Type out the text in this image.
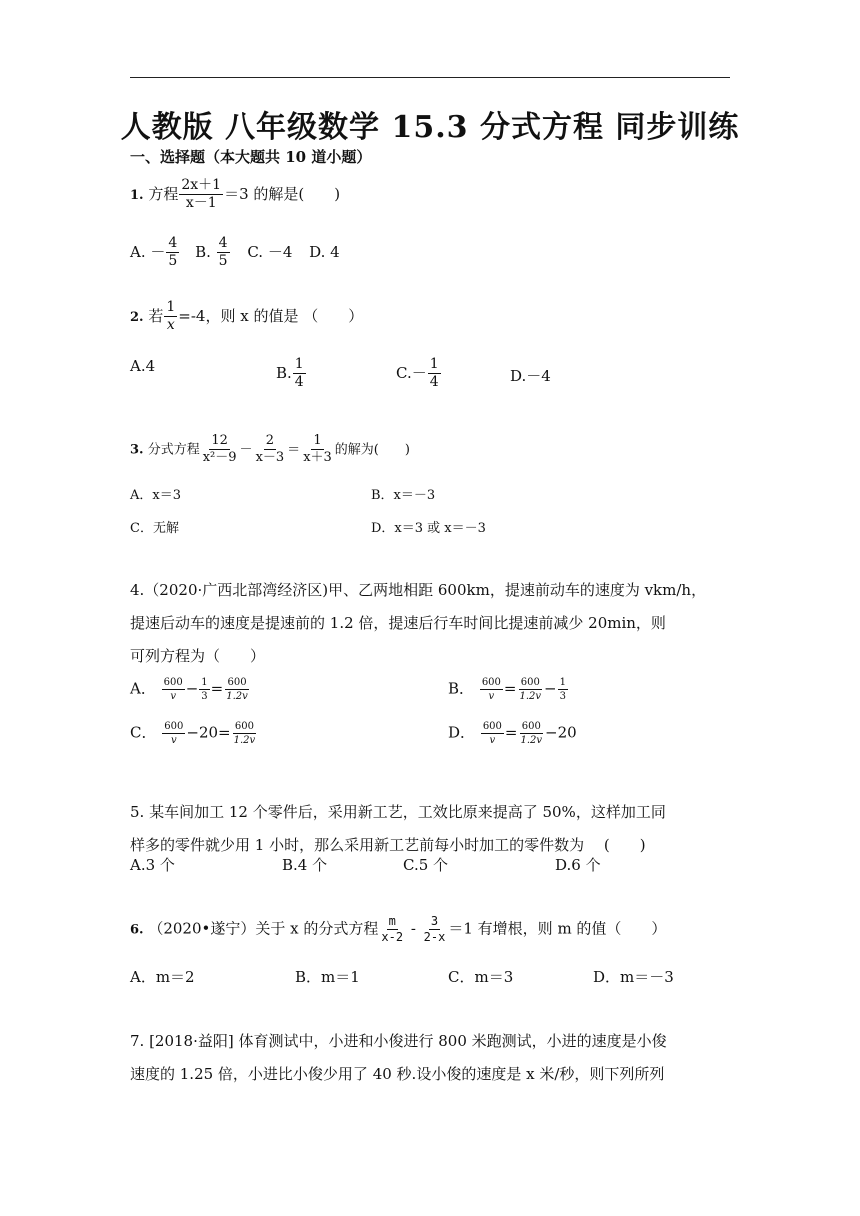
人教版 八年级数学 15.3 分式方程 同步训练
一、选择题（本大题共 10 道小题）
1. 方程 $\frac{2x+1}{x-1} =3$ 的解是(　　)
A. － $\frac{4}{5} B$. $\frac{4}{5} C$. －4 D. 4
2. 若 $\frac{1}{x} =-4$，则 x 的值是 （　　）
A.4	B. $\frac{1}{4}$	$C.- \frac{1}{4}$	D.－4
3. 分式方程 $\frac{12}{\text{x²－9}} - \frac{2}{x-3} = \frac{1}{x+3}$ 的解为(　　)
A．x＝3	B．x＝－3
C．无解	D．x＝3 或 x＝－3
4.（2020·广西北部湾经济区)甲、乙两地相距 600km，提速前动车的速度为 vkm/h，
提速后动车的速度是提速前的 1.2 倍，提速后行车时间比提速前减少 20min，则
可列方程为（　　）
A． $\frac{600}{v} - \frac{1}{3} = \frac{600}{1.2v}$	B． $\frac{600}{v} = \frac{600}{1.2v} - \frac{1}{3}$
C． $\frac{600}{v} -20= \frac{600}{1.2v}$	D． $\frac{600}{v} = \frac{600}{1.2v} -20$
5. 某车间加工 12 个零件后，采用新工艺，工效比原来提高了 50%，这样加工同
样多的零件就少用 1 小时，那么采用新工艺前每小时加工的零件数为　 (　　)
A.3 个	B.4 个	C.5 个	D.6 个
6. （2020•遂宁）关于 x 的分式方程 $\frac{m}{x-2} - \frac{3}{2-x} =1$ 有增根，则 m 的值（　　）
A．m＝2	B．m＝1	C．m＝3	D．m＝－3
7. [2018·益阳] 体育测试中，小进和小俊进行 800 米跑测试，小进的速度是小俊
速度的 1.25 倍，小进比小俊少用了 40 秒.设小俊的速度是 x 米/秒，则下列所列
